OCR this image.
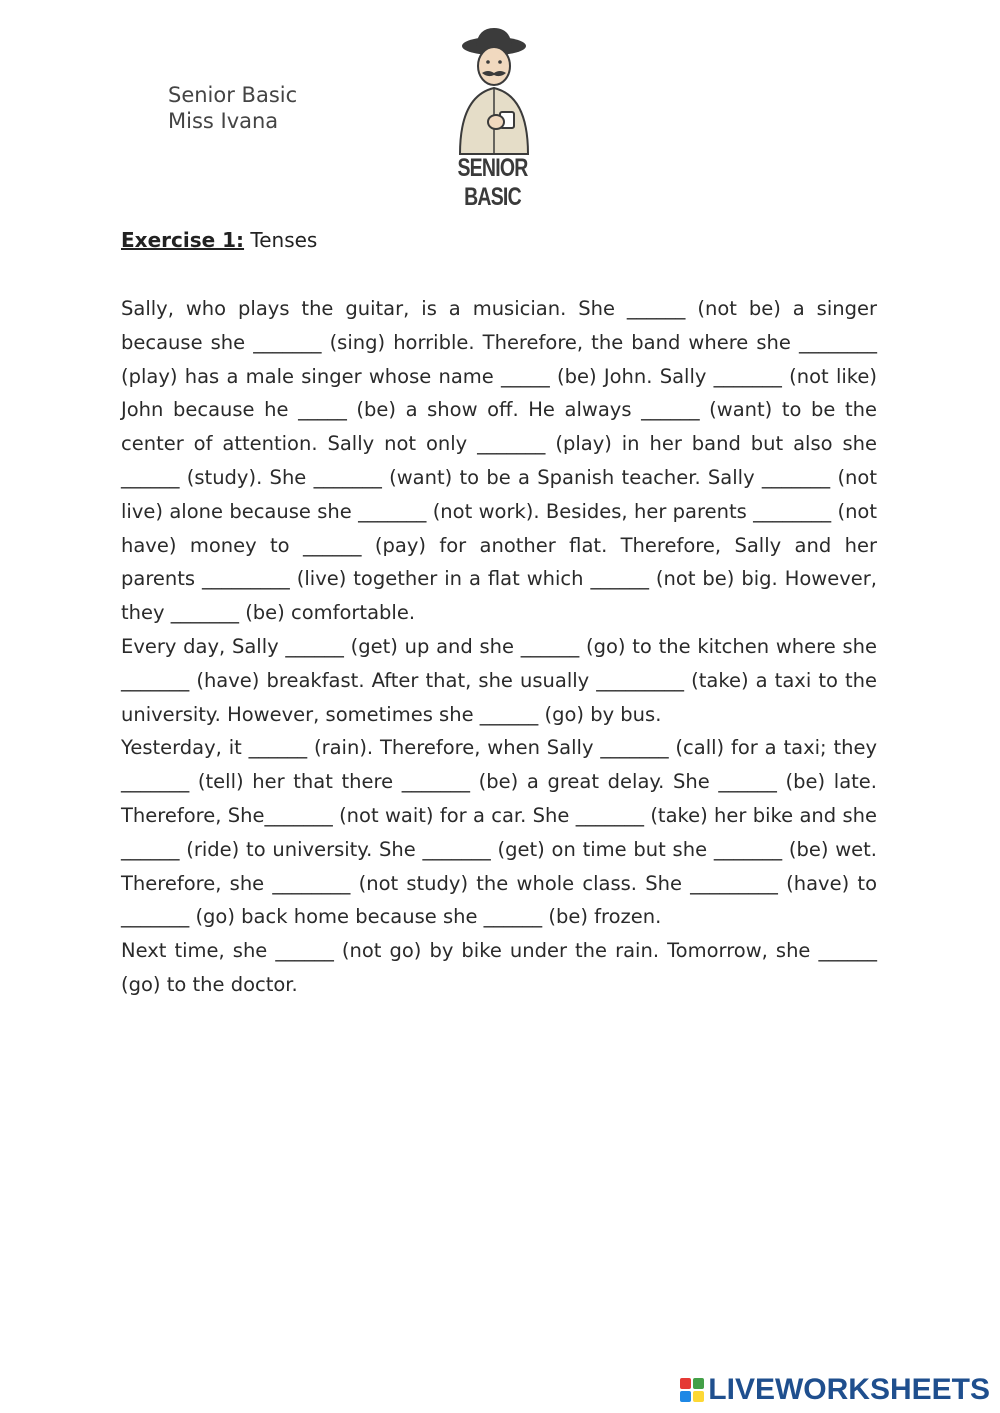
Senior Basic
Miss Ivana
SENIOR BASIC
Exercise 1: Tenses

Sally, who plays the guitar, is a musician. She ______ (not be) a singer because she _______ (sing) horrible. Therefore, the band where she ________ (play) has a male singer whose name _____ (be) John. Sally _______ (not like) John because he _____ (be) a show off. He always ______ (want) to be the center of attention. Sally not only _______ (play) in her band but also she ______ (study). She _______ (want) to be a Spanish teacher. Sally _______ (not live) alone because she _______ (not work). Besides, her parents ________ (not have) money to ______ (pay) for another flat. Therefore, Sally and her parents _________ (live) together in a flat which ______ (not be) big. However, they _______ (be) comfortable.

Every day, Sally ______ (get) up and she ______ (go) to the kitchen where she _______ (have) breakfast. After that, she usually _________ (take) a taxi to the university. However, sometimes she ______ (go) by bus.

Yesterday, it ______ (rain). Therefore, when Sally _______ (call) for a taxi; they _______ (tell) her that there _______ (be) a great delay. She ______ (be) late. Therefore, She_______ (not wait) for a car. She _______ (take) her bike and she ______ (ride) to university. She _______ (get) on time but she _______ (be) wet. Therefore, she ________ (not study) the whole class. She _________ (have) to _______ (go) back home because she ______ (be) frozen.

Next time, she ______ (not go) by bike under the rain. Tomorrow, she ______ (go) to the doctor.

LIVEWORKSHEETS
